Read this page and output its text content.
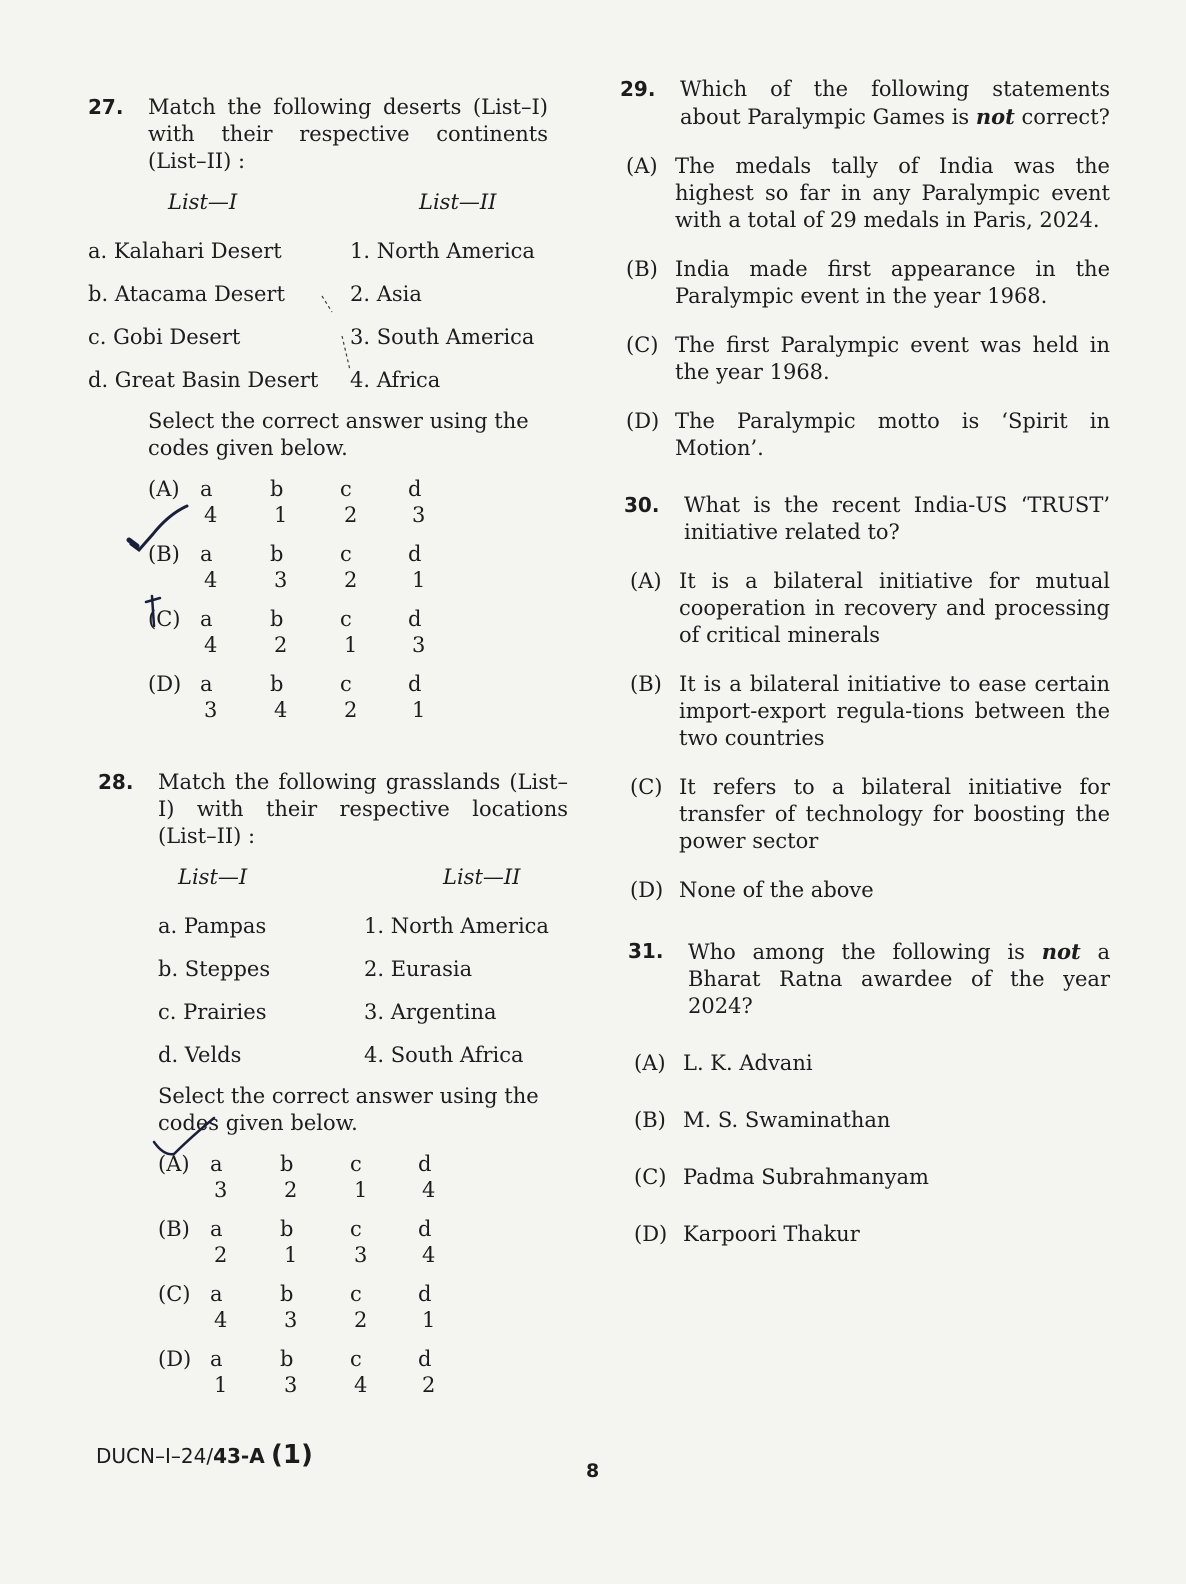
27.	Match the following deserts (List–I) with their respective continents (List–II) :
List—I	List—II
a. Kalahari Desert	1. North America
b. Atacama Desert	2. Asia
c. Gobi Desert	3. South America
d. Great Basin Desert	4. Africa
Select the correct answer using the codes given below.
(A) a	b	c	d
4	1	2	3
(B) a	b	c	d
4	3	2	1
(C) a	b	c	d
4	2	1	3
(D) a	b	c	d
3	4	2	1
28.	Match the following grasslands (List–I) with their respective locations (List–II) :
List—I	List—II
a. Pampas	1. North America
b. Steppes	2. Eurasia
c. Prairies	3. Argentina
d. Velds	4. South Africa
Select the correct answer using the codes given below.
(A) a	b	c	d
3	2	1	4
(B) a	b	c	d
2	1	3	4
(C) a	b	c	d
4	3	2	1
(D) a	b	c	d
1	3	4	2
29.	Which of the following statements about Paralympic Games is not correct?
(A) The medals tally of India was the highest so far in any Paralympic event with a total of 29 medals in Paris, 2024.
(B) India made first appearance in the Paralympic event in the year 1968.
(C) The first Paralympic event was held in the year 1968.
(D) The Paralympic motto is ‘Spirit in Motion’.
30.	What is the recent India-US ‘TRUST’ initiative related to?
(A) It is a bilateral initiative for mutual cooperation in recovery and processing of critical minerals
(B) It is a bilateral initiative to ease certain import-export regula-tions between the two countries
(C) It refers to a bilateral initiative for transfer of technology for boosting the power sector
(D) None of the above
31.	Who among the following is not a Bharat Ratna awardee of the year 2024?
(A) L. K. Advani
(B) M. S. Swaminathan
(C) Padma Subrahmanyam
(D) Karpoori Thakur
DUCN–I–24/43-A (1)
8
